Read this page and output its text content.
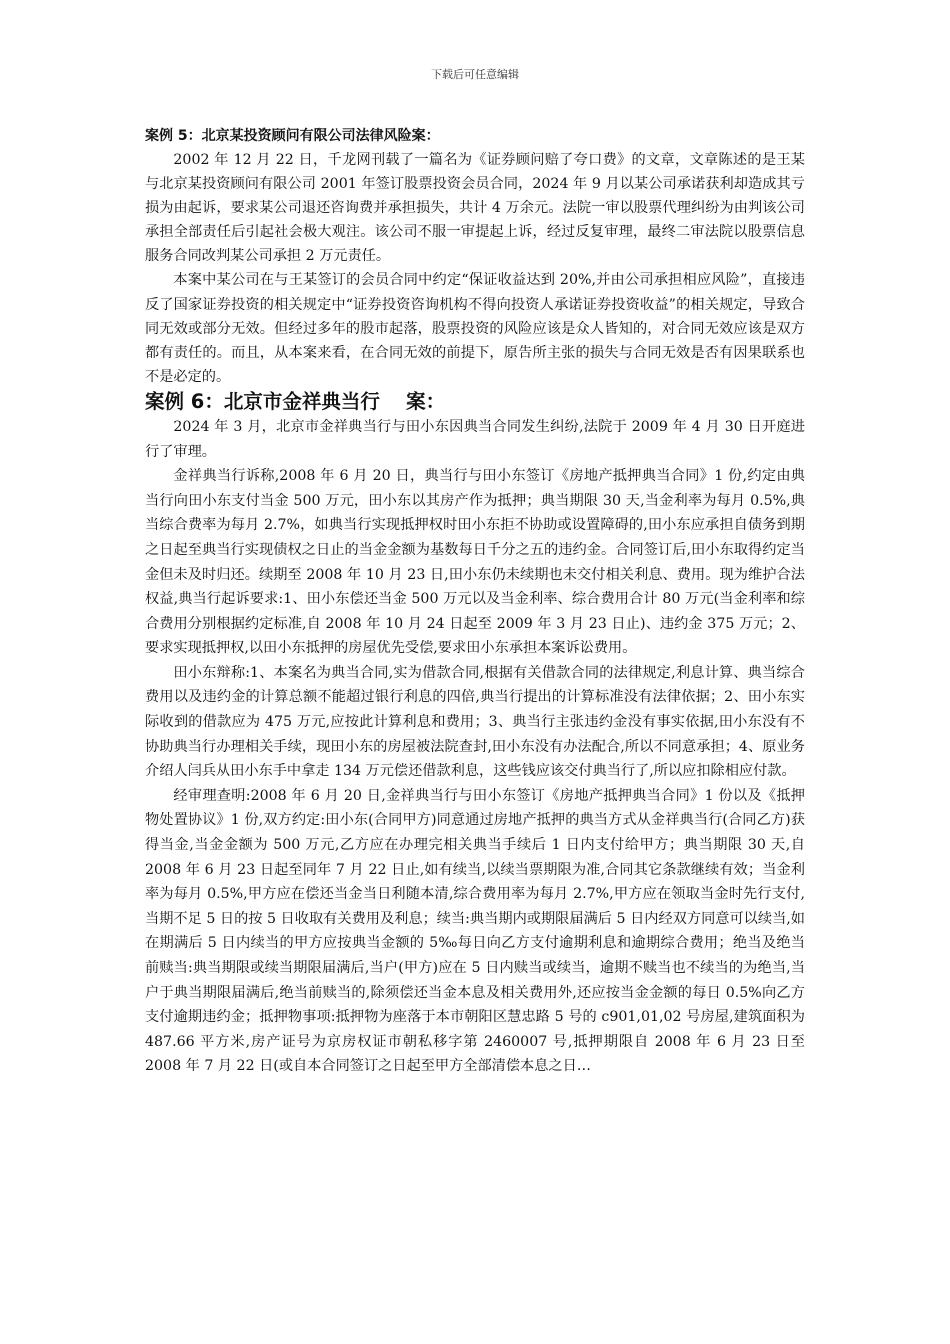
下载后可任意编辑
案例 5：北京某投资顾问有限公司法律风险案：

2002 年 12 月 22 日，千龙网刊载了一篇名为《证券顾问赔了夸口费》的文章，文章陈述的是王某与北京某投资顾问有限公司 2001 年签订股票投资会员合同，2024 年 9 月以某公司承诺获利却造成其亏损为由起诉，要求某公司退还咨询费并承担损失，共计 4 万余元。法院一审以股票代理纠纷为由判该公司承担全部责任后引起社会极大观注。该公司不服一审提起上诉，经过反复审理，最终二审法院以股票信息服务合同改判某公司承担 2 万元责任。

本案中某公司在与王某签订的会员合同中约定“保证收益达到 20%,并由公司承担相应风险”，直接违反了国家证券投资的相关规定中“证券投资咨询机构不得向投资人承诺证券投资收益”的相关规定，导致合同无效或部分无效。但经过多年的股市起落，股票投资的风险应该是众人皆知的，对合同无效应该是双方都有责任的。而且，从本案来看，在合同无效的前提下，原告所主张的损失与合同无效是否有因果联系也不是必定的。

案例 6：北京市金祥典当行　 案：

2024 年 3 月，北京市金祥典当行与田小东因典当合同发生纠纷,法院于 2009 年 4 月 30 日开庭进行了审理。

金祥典当行诉称,2008 年 6 月 20 日，典当行与田小东签订《房地产抵押典当合同》1 份,约定由典当行向田小东支付当金 500 万元，田小东以其房产作为抵押；典当期限 30 天,当金利率为每月 0.5%,典当综合费率为每月 2.7%，如典当行实现抵押权时田小东拒不协助或设置障碍的,田小东应承担自债务到期之日起至典当行实现债权之日止的当金金额为基数每日千分之五的违约金。合同签订后,田小东取得约定当金但未及时归还。续期至 2008 年 10 月 23 日,田小东仍未续期也未交付相关利息、费用。现为维护合法权益,典当行起诉要求:1、田小东偿还当金 500 万元以及当金利率、综合费用合计 80 万元(当金利率和综合费用分别根据约定标准,自 2008 年 10 月 24 日起至 2009 年 3 月 23 日止)、违约金 375 万元；2、要求实现抵押权,以田小东抵押的房屋优先受偿,要求田小东承担本案诉讼费用。

田小东辩称:1、本案名为典当合同,实为借款合同,根据有关借款合同的法律规定,利息计算、典当综合费用以及违约金的计算总额不能超过银行利息的四倍,典当行提出的计算标准没有法律依据；2、田小东实际收到的借款应为 475 万元,应按此计算利息和费用；3、典当行主张违约金没有事实依据,田小东没有不协助典当行办理相关手续，现田小东的房屋被法院查封,田小东没有办法配合,所以不同意承担；4、原业务介绍人闫兵从田小东手中拿走 134 万元偿还借款利息，这些钱应该交付典当行了,所以应扣除相应付款。

经审理查明:2008 年 6 月 20 日,金祥典当行与田小东签订《房地产抵押典当合同》1 份以及《抵押物处置协议》1 份,双方约定:田小东(合同甲方)同意通过房地产抵押的典当方式从金祥典当行(合同乙方)获得当金,当金金额为 500 万元,乙方应在办理完相关典当手续后 1 日内支付给甲方；典当期限 30 天,自 2008 年 6 月 23 日起至同年 7 月 22 日止,如有续当,以续当票期限为准,合同其它条款继续有效；当金利率为每月 0.5%,甲方应在偿还当金当日利随本清,综合费用率为每月 2.7%,甲方应在领取当金时先行支付,当期不足 5 日的按 5 日收取有关费用及利息；续当:典当期内或期限届满后 5 日内经双方同意可以续当,如在期满后 5 日内续当的甲方应按典当金额的 5‰每日向乙方支付逾期利息和逾期综合费用；绝当及绝当前赎当:典当期限或续当期限届满后,当户(甲方)应在 5 日内赎当或续当，逾期不赎当也不续当的为绝当,当户于典当期限届满后,绝当前赎当的,除须偿还当金本息及相关费用外,还应按当金金额的每日 0.5%向乙方支付逾期违约金；抵押物事项:抵押物为座落于本市朝阳区慧忠路 5 号的 c901,01,02 号房屋,建筑面积为 487.66 平方米,房产证号为京房权证市朝私移字第 2460007 号,抵押期限自 2008 年 6 月 23 日至 2008 年 7 月 22 日(或自本合同签订之日起至甲方全部清偿本息之日…
